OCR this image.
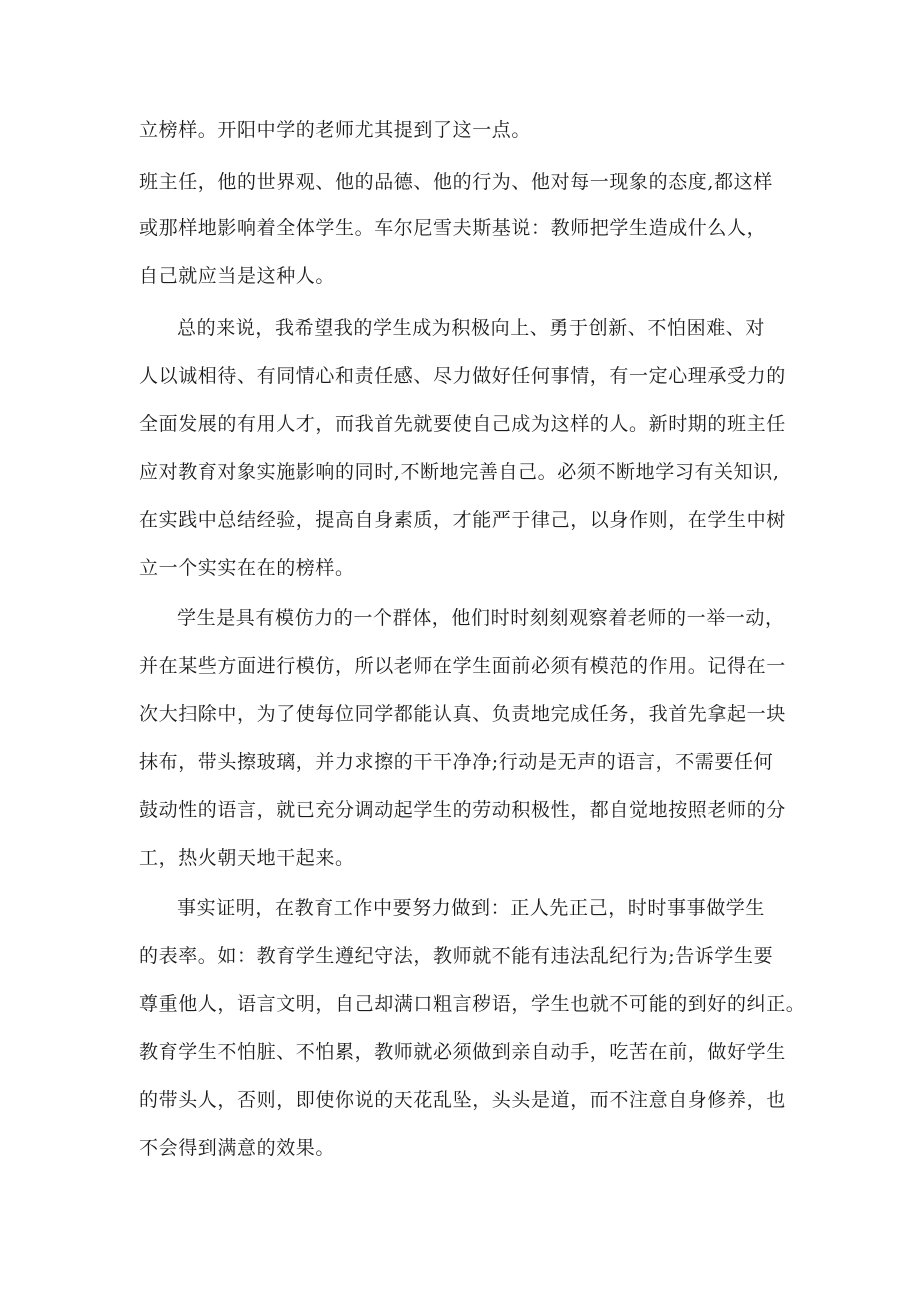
立榜样。开阳中学的老师尤其提到了这一点。
班主任，他的世界观、他的品德、他的行为、他对每一现象的态度,都这样
或那样地影响着全体学生。车尔尼雪夫斯基说：教师把学生造成什么人，
自己就应当是这种人。
总的来说，我希望我的学生成为积极向上、勇于创新、不怕困难、对
人以诚相待、有同情心和责任感、尽力做好任何事情，有一定心理承受力的
全面发展的有用人才，而我首先就要使自己成为这样的人。新时期的班主任
应对教育对象实施影响的同时,不断地完善自己。必须不断地学习有关知识,
在实践中总结经验，提高自身素质，才能严于律己，以身作则，在学生中树
立一个实实在在的榜样。
学生是具有模仿力的一个群体，他们时时刻刻观察着老师的一举一动，
并在某些方面进行模仿，所以老师在学生面前必须有模范的作用。记得在一
次大扫除中，为了使每位同学都能认真、负责地完成任务，我首先拿起一块
抹布，带头擦玻璃，并力求擦的干干净净;行动是无声的语言，不需要任何
鼓动性的语言，就已充分调动起学生的劳动积极性，都自觉地按照老师的分
工，热火朝天地干起来。
事实证明，在教育工作中要努力做到：正人先正己，时时事事做学生
的表率。如：教育学生遵纪守法，教师就不能有违法乱纪行为;告诉学生要
尊重他人，语言文明，自己却满口粗言秽语，学生也就不可能的到好的纠正。
教育学生不怕脏、不怕累，教师就必须做到亲自动手，吃苦在前，做好学生
的带头人，否则，即使你说的天花乱坠，头头是道，而不注意自身修养，也
不会得到满意的效果。
